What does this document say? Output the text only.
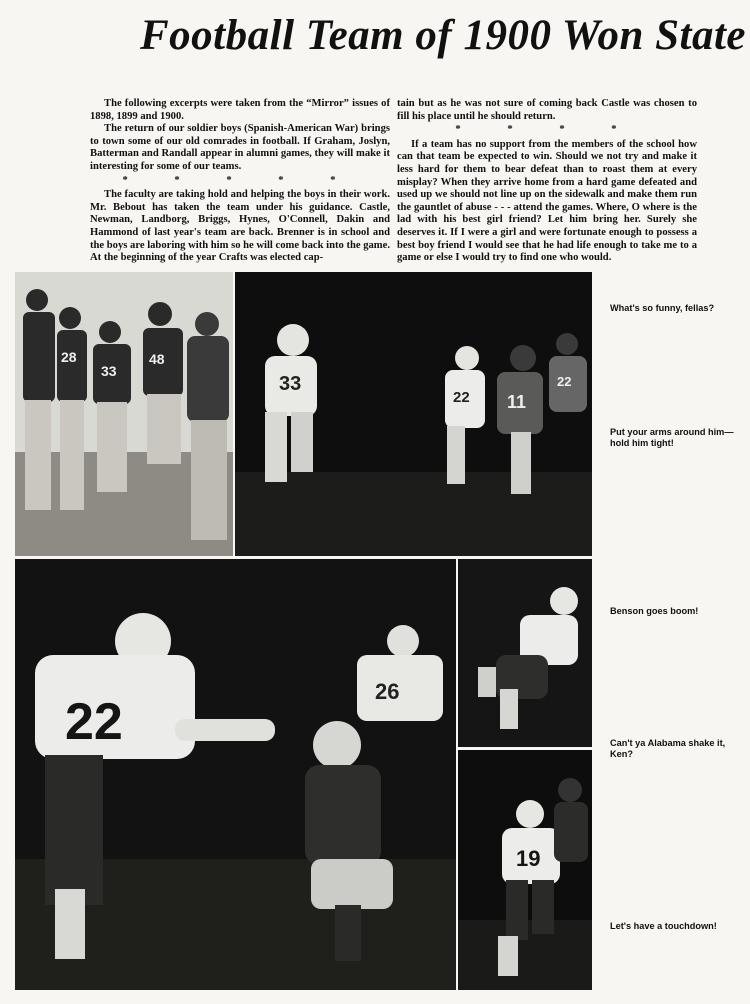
Football Team of 1900 Won State

The following excerpts were taken from the “Mirror” issues of 1898, 1899 and 1900.

The return of our soldier boys (Spanish-American War) brings to town some of our old comrades in football. If Graham, Joslyn, Batterman and Randall appear in alumni games, they will make it interesting for some of our teams.

* * * * *

The faculty are taking hold and helping the boys in their work. Mr. Bebout has taken the team under his guidance. Castle, Newman, Landborg, Briggs, Hynes, O'Connell, Dakin and Hammond of last year's team are back. Brenner is in school and the boys are laboring with him so he will come back into the game. At the beginning of the year Crafts was elected cap-

tain but as he was not sure of coming back Castle was chosen to fill his place until he should return.

* * * *

If a team has no support from the members of the school how can that team be expected to win. Should we not try and make it less hard for them to bear defeat than to roast them at every misplay? When they arrive home from a hard game defeated and used up we should not line up on the sidewalk and make them run the gauntlet of abuse - - - attend the games. Where, O where is the lad with his best girl friend? Let him bring her. Surely she deserves it. If I were a girl and were fortunate enough to possess a best boy friend I would see that he had life enough to take me to a game or else I would try to find one who would.

28
33
48
33
22 11
22
22
26
19
What's so funny, fellas?
Put your arms around him—hold him tight!
Benson goes boom!
Can't ya Alabama shake it, Ken?
Let's have a touchdown!
